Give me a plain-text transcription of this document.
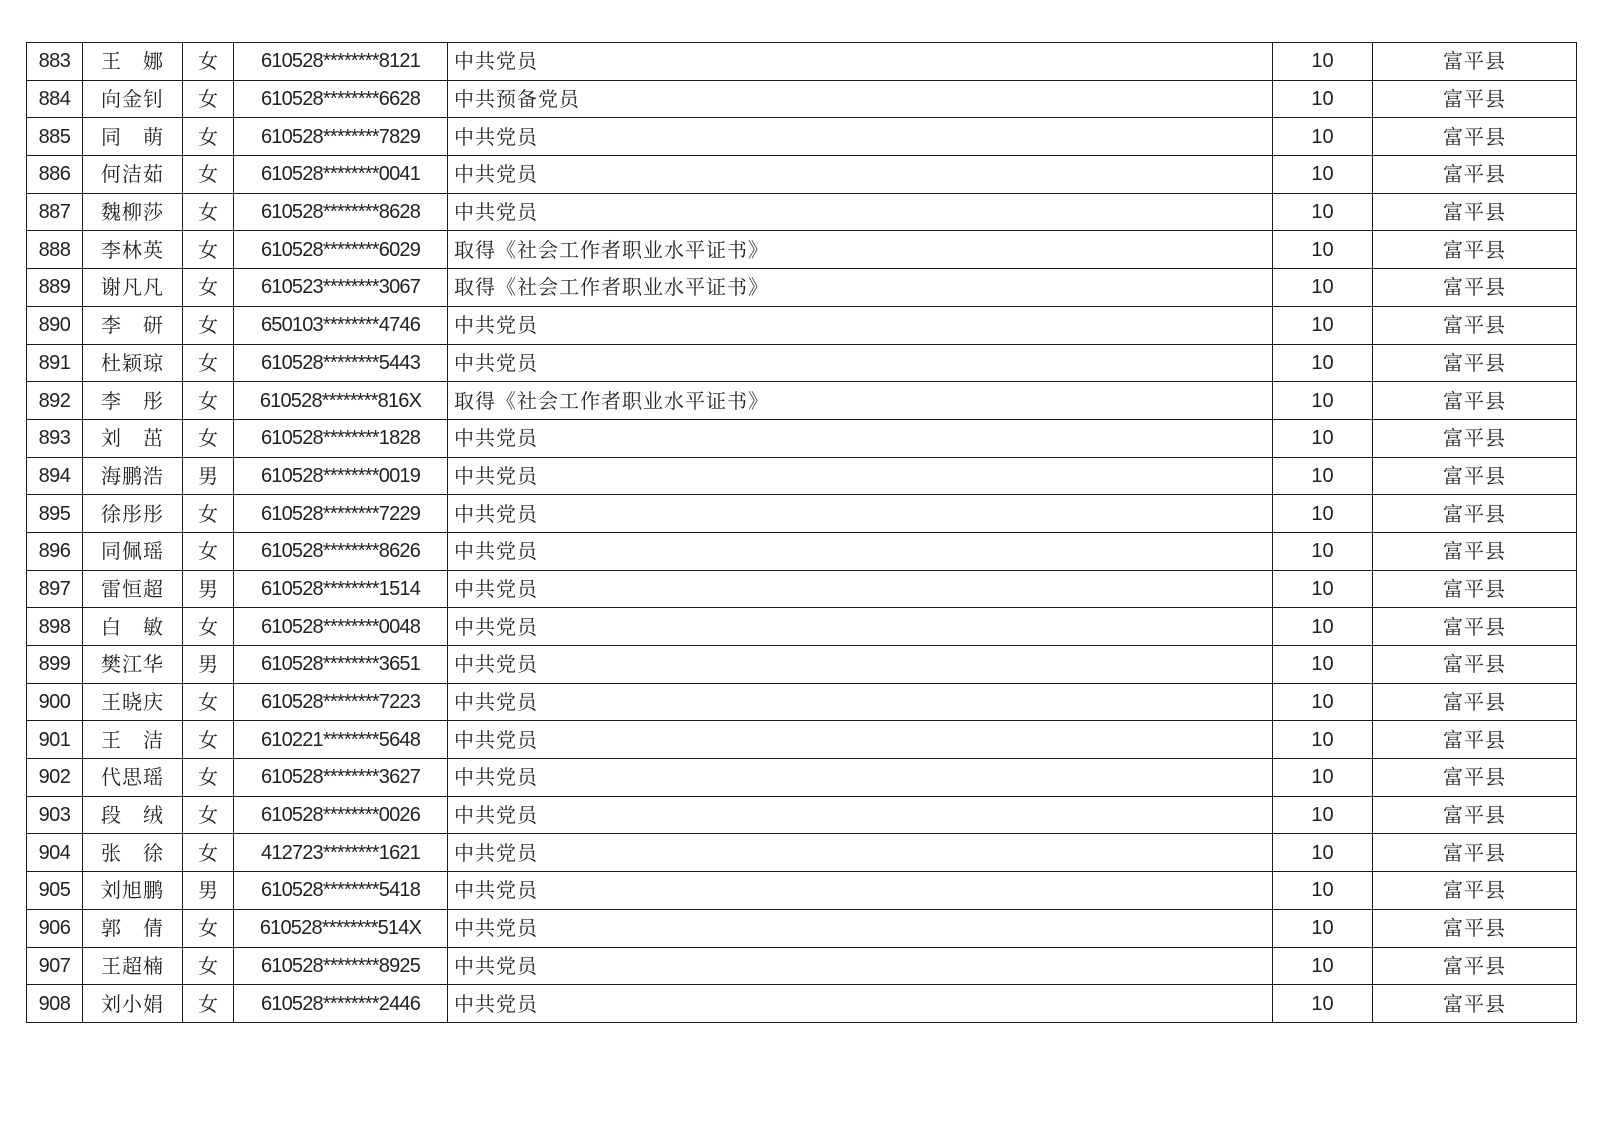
883	王　娜	女	610528********8121	中共党员	10	富平县
884	向金钊	女	610528********6628	中共预备党员	10	富平县
885	同　萌	女	610528********7829	中共党员	10	富平县
886	何洁茹	女	610528********0041	中共党员	10	富平县
887	魏柳莎	女	610528********8628	中共党员	10	富平县
888	李林英	女	610528********6029	取得《社会工作者职业水平证书》	10	富平县
889	谢凡凡	女	610523********3067	取得《社会工作者职业水平证书》	10	富平县
890	李　研	女	650103********4746	中共党员	10	富平县
891	杜颖琼	女	610528********5443	中共党员	10	富平县
892	李　彤	女	610528********816X	取得《社会工作者职业水平证书》	10	富平县
893	刘　茁	女	610528********1828	中共党员	10	富平县
894	海鹏浩	男	610528********0019	中共党员	10	富平县
895	徐彤彤	女	610528********7229	中共党员	10	富平县
896	同佩瑶	女	610528********8626	中共党员	10	富平县
897	雷恒超	男	610528********1514	中共党员	10	富平县
898	白　敏	女	610528********0048	中共党员	10	富平县
899	樊江华	男	610528********3651	中共党员	10	富平县
900	王晓庆	女	610528********7223	中共党员	10	富平县
901	王　洁	女	610221********5648	中共党员	10	富平县
902	代思瑶	女	610528********3627	中共党员	10	富平县
903	段　绒	女	610528********0026	中共党员	10	富平县
904	张　徐	女	412723********1621	中共党员	10	富平县
905	刘旭鹏	男	610528********5418	中共党员	10	富平县
906	郭　倩	女	610528********514X	中共党员	10	富平县
907	王超楠	女	610528********8925	中共党员	10	富平县
908	刘小娟	女	610528********2446	中共党员	10	富平县
